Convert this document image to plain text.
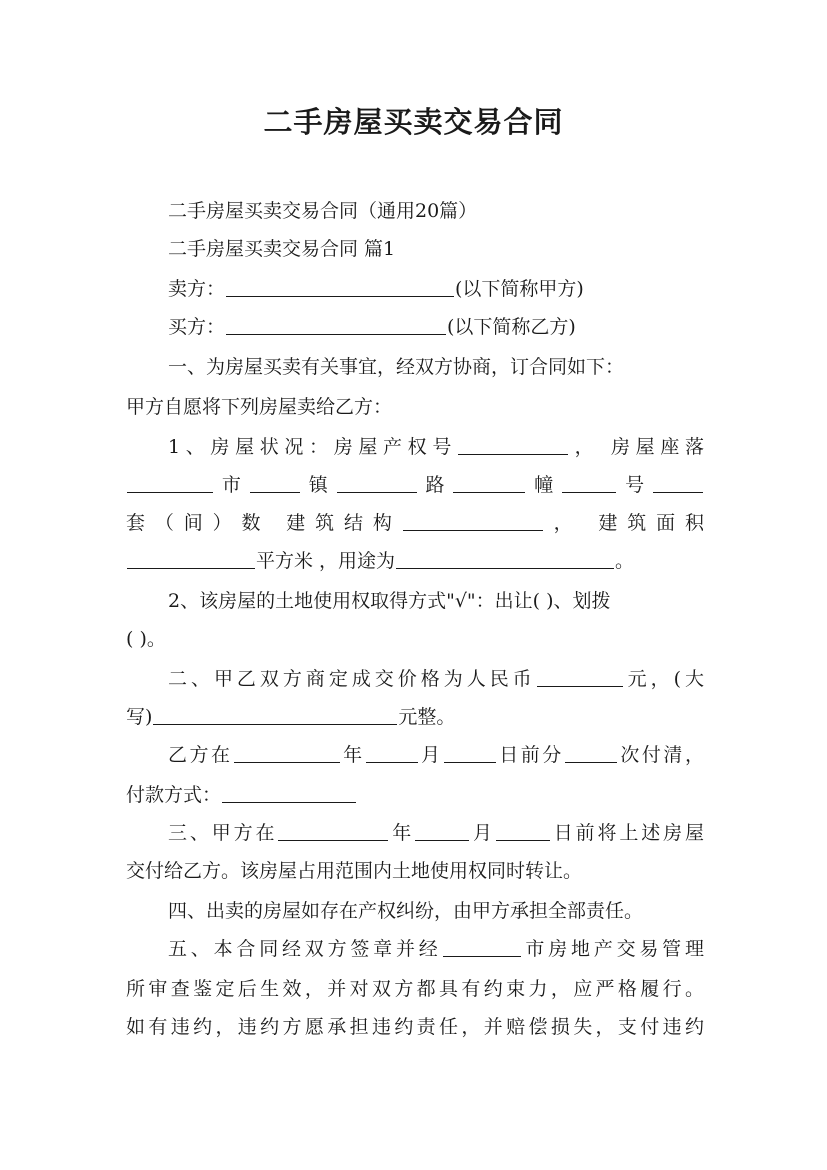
二手房屋买卖交易合同
二手房屋买卖交易合同（通用20篇）
二手房屋买卖交易合同 篇1
卖方：	(以下简称甲方)
买方：	(以下简称乙方)
一、为房屋买卖有关事宜，经双方协商，订合同如下：
甲方自愿将下列房屋卖给乙方：
1、房屋状况：房屋产权号	， 房屋座落
市	镇	路	幢	号
套（间）数 建筑结构	， 建筑面积
平方米 ，用途为	。
2、该房屋的土地使用权取得方式"√"：出让( )、划拨
( )。
二、甲乙双方商定成交价格为人民币	元，(大
写)	元整。
乙方在	年	月	日前分	次付清，
付款方式：
三、甲方在	年	月	日前将上述房屋
交付给乙方。该房屋占用范围内土地使用权同时转让。
四、出卖的房屋如存在产权纠纷，由甲方承担全部责任。
五、本合同经双方签章并经	市房地产交易管理
所审查鉴定后生效，并对双方都具有约束力，应严格履行。
如有违约，违约方愿承担违约责任，并赔偿损失，支付违约
